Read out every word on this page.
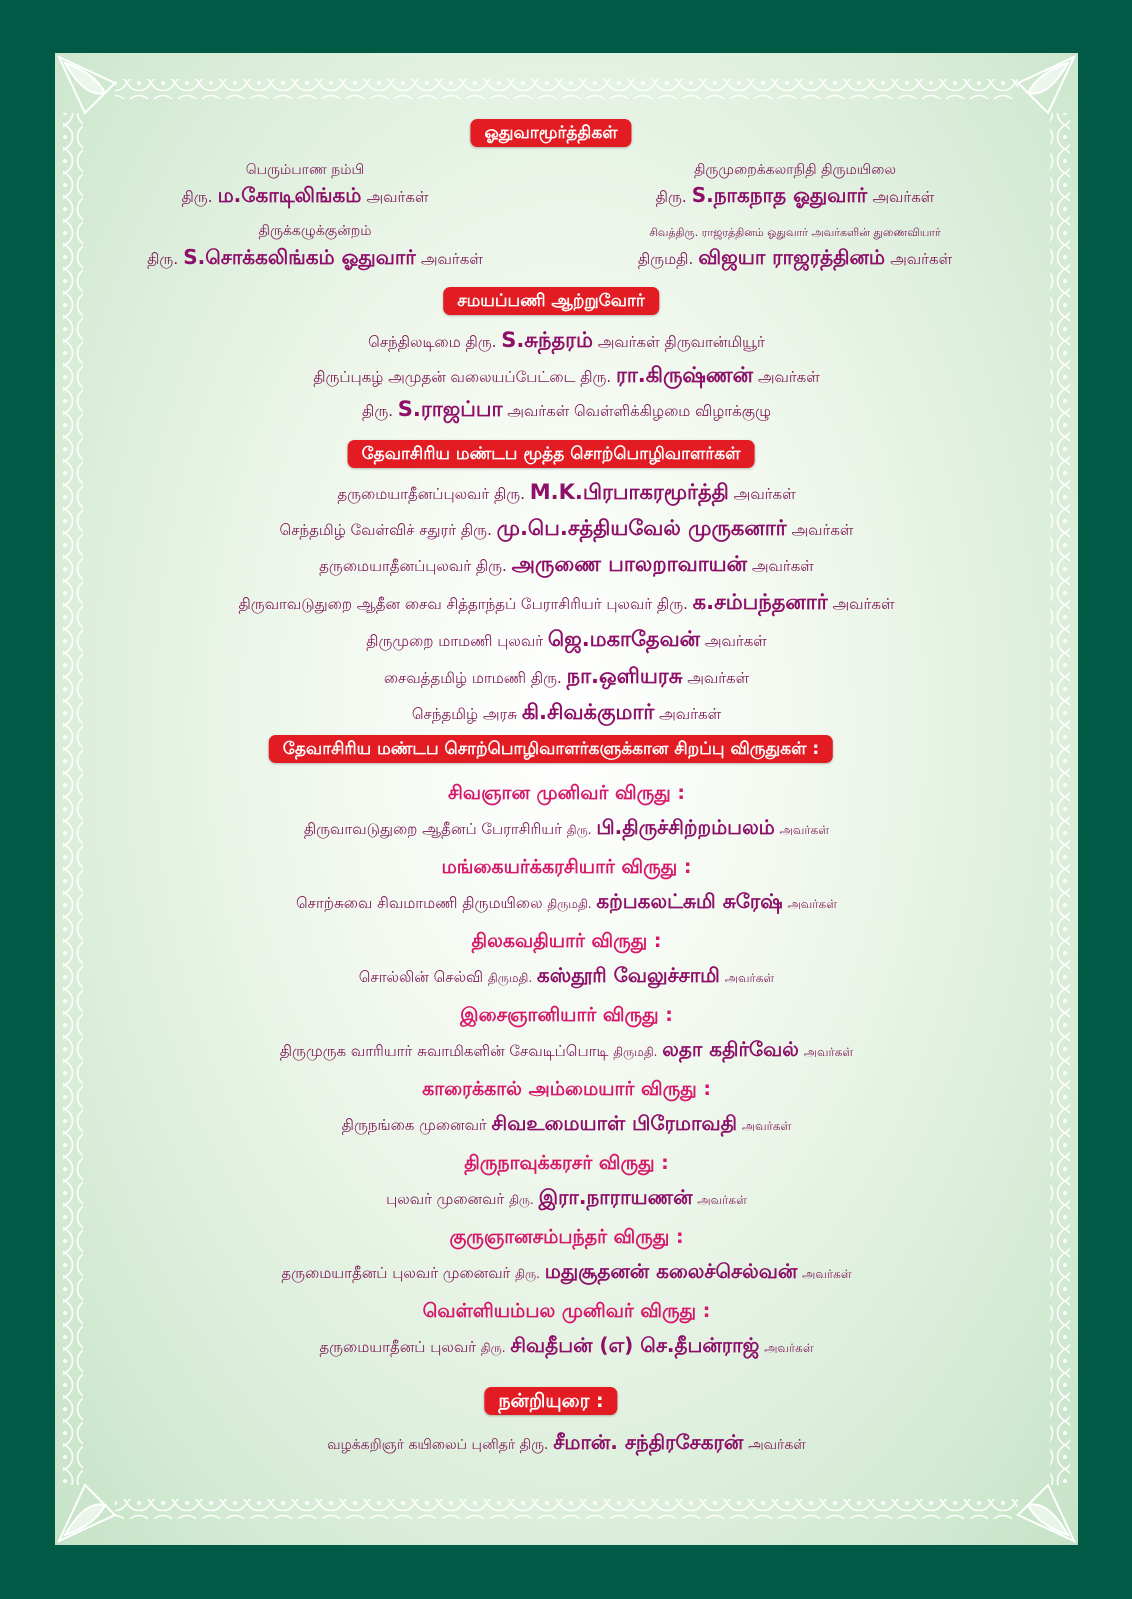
ஓதுவாமூர்த்திகள்
பெரும்பாண நம்பி
திரு. ம.கோடிலிங்கம் அவர்கள்
திருமுறைக்கலாநிதி திருமயிலை
திரு. S.நாகநாத ஓதுவார் அவர்கள்
திருக்கழுக்குன்றம்
திரு. S.சொக்கலிங்கம் ஓதுவார் அவர்கள்
சிவத்திரு. ராஜரத்தினம் ஓதுவார் அவர்களின் துணைவியார்
திருமதி. விஜயா ராஜரத்தினம் அவர்கள்
சமயப்பணி ஆற்றுவோர்
செந்திலடிமை திரு. S.சுந்தரம் அவர்கள் திருவான்மியூர்
திருப்புகழ் அமுதன் வலையப்பேட்டை திரு. ரா.கிருஷ்ணன் அவர்கள்
திரு. S.ராஜப்பா அவர்கள் வெள்ளிக்கிழமை விழாக்குழு
தேவாசிரிய மண்டப மூத்த சொற்பொழிவாளர்கள்
தருமையாதீனப்புலவர் திரு. M.K.பிரபாகரமூர்த்தி அவர்கள்
செந்தமிழ் வேள்விச் சதுரர் திரு. மு.பெ.சத்தியவேல் முருகனார் அவர்கள்
தருமையாதீனப்புலவர் திரு. அருணை பாலறாவாயன் அவர்கள்
திருவாவடுதுறை ஆதீன சைவ சித்தாந்தப் பேராசிரியர் புலவர் திரு. க.சம்பந்தனார் அவர்கள்
திருமுறை மாமணி புலவர் ஜெ.மகாதேவன் அவர்கள்
சைவத்தமிழ் மாமணி திரு. நா.ஒளியரசு அவர்கள்
செந்தமிழ் அரசு கி.சிவக்குமார் அவர்கள்
தேவாசிரிய மண்டப சொற்பொழிவாளர்களுக்கான சிறப்பு விருதுகள் :
சிவஞான முனிவர் விருது :
திருவாவடுதுறை ஆதீனப் பேராசிரியர் திரு. பி.திருச்சிற்றம்பலம் அவர்கள்
மங்கையர்க்கரசியார் விருது :
சொற்சுவை சிவமாமணி திருமயிலை திருமதி. கற்பகலட்சுமி சுரேஷ் அவர்கள்
திலகவதியார் விருது :
சொல்லின் செல்வி திருமதி. கஸ்தூரி வேலுச்சாமி அவர்கள்
இசைஞானியார் விருது :
திருமுருக வாரியார் சுவாமிகளின் சேவடிப்பொடி திருமதி. லதா கதிர்வேல் அவர்கள்
காரைக்கால் அம்மையார் விருது :
திருநங்கை முனைவர் சிவஉமையாள் பிரேமாவதி அவர்கள்
திருநாவுக்கரசர் விருது :
புலவர் முனைவர் திரு. இரா.நாராயணன் அவர்கள்
குருஞானசம்பந்தர் விருது :
தருமையாதீனப் புலவர் முனைவர் திரு. மதுசூதனன் கலைச்செல்வன் அவர்கள்
வெள்ளியம்பல முனிவர் விருது :
தருமையாதீனப் புலவர் திரு. சிவதீபன் (எ) செ.தீபன்ராஜ் அவர்கள்
நன்றியுரை :
வழக்கறிஞர் கயிலைப் புனிதர் திரு. சீமான். சந்திரசேகரன் அவர்கள்
